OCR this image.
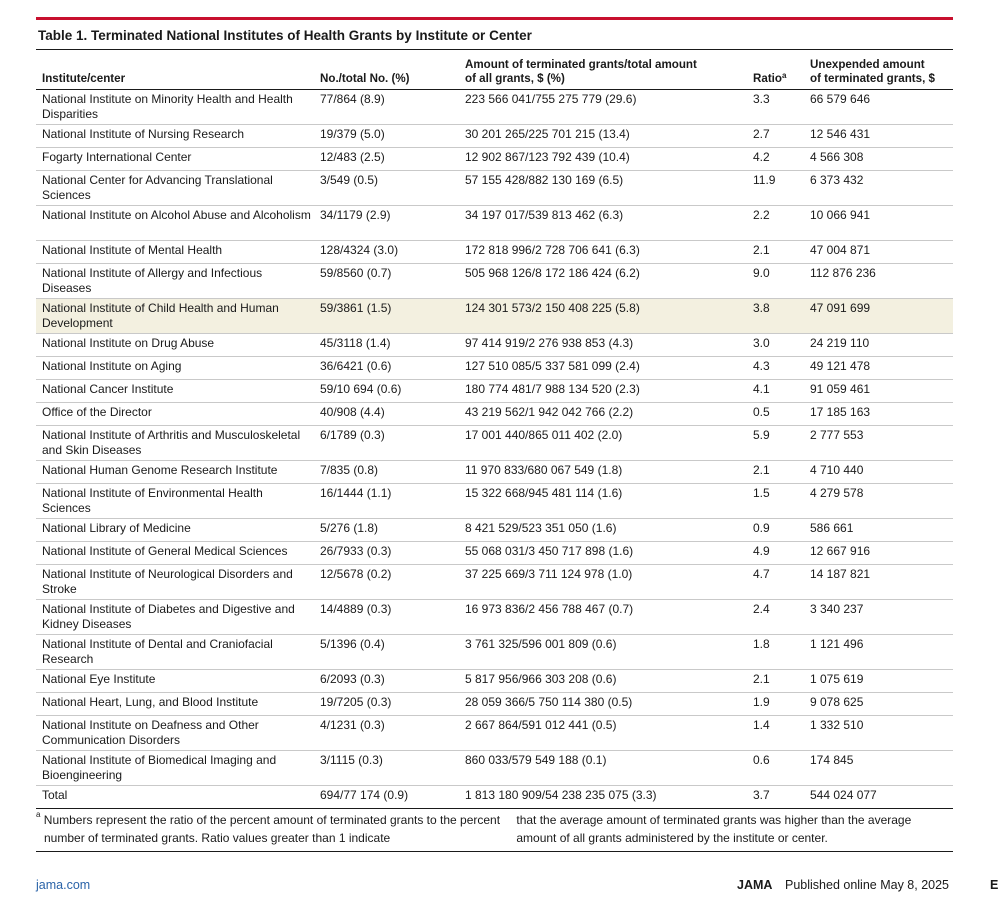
Table 1. Terminated National Institutes of Health Grants by Institute or Center
Institute/center	No./total No. (%)	Amount of terminated grants/total amount
of all grants, $ (%)	Ratio$^a$	Unexpended amount
of terminated grants, $
National Institute on Minority Health and Health Disparities	77/864 (8.9)	223 566 041/755 275 779 (29.6)	3.3	66 579 646
National Institute of Nursing Research	19/379 (5.0)	30 201 265/225 701 215 (13.4)	2.7	12 546 431
Fogarty International Center	12/483 (2.5)	12 902 867/123 792 439 (10.4)	4.2	4 566 308
National Center for Advancing Translational Sciences	3/549 (0.5)	57 155 428/882 130 169 (6.5)	11.9	6 373 432
National Institute on Alcohol Abuse and Alcoholism	34/1179 (2.9)	34 197 017/539 813 462 (6.3)	2.2	10 066 941
National Institute of Mental Health	128/4324 (3.0)	172 818 996/2 728 706 641 (6.3)	2.1	47 004 871
National Institute of Allergy and Infectious Diseases	59/8560 (0.7)	505 968 126/8 172 186 424 (6.2)	9.0	112 876 236
National Institute of Child Health and Human Development	59/3861 (1.5)	124 301 573/2 150 408 225 (5.8)	3.8	47 091 699
National Institute on Drug Abuse	45/3118 (1.4)	97 414 919/2 276 938 853 (4.3)	3.0	24 219 110
National Institute on Aging	36/6421 (0.6)	127 510 085/5 337 581 099 (2.4)	4.3	49 121 478
National Cancer Institute	59/10 694 (0.6)	180 774 481/7 988 134 520 (2.3)	4.1	91 059 461
Office of the Director	40/908 (4.4)	43 219 562/1 942 042 766 (2.2)	0.5	17 185 163
National Institute of Arthritis and Musculoskeletal and Skin Diseases	6/1789 (0.3)	17 001 440/865 011 402 (2.0)	5.9	2 777 553
National Human Genome Research Institute	7/835 (0.8)	11 970 833/680 067 549 (1.8)	2.1	4 710 440
National Institute of Environmental Health Sciences	16/1444 (1.1)	15 322 668/945 481 114 (1.6)	1.5	4 279 578
National Library of Medicine	5/276 (1.8)	8 421 529/523 351 050 (1.6)	0.9	586 661
National Institute of General Medical Sciences	26/7933 (0.3)	55 068 031/3 450 717 898 (1.6)	4.9	12 667 916
National Institute of Neurological Disorders and Stroke	12/5678 (0.2)	37 225 669/3 711 124 978 (1.0)	4.7	14 187 821
National Institute of Diabetes and Digestive and Kidney Diseases	14/4889 (0.3)	16 973 836/2 456 788 467 (0.7)	2.4	3 340 237
National Institute of Dental and Craniofacial Research	5/1396 (0.4)	3 761 325/596 001 809 (0.6)	1.8	1 121 496
National Eye Institute	6/2093 (0.3)	5 817 956/966 303 208 (0.6)	2.1	1 075 619
National Heart, Lung, and Blood Institute	19/7205 (0.3)	28 059 366/5 750 114 380 (0.5)	1.9	9 078 625
National Institute on Deafness and Other Communication Disorders	4/1231 (0.3)	2 667 864/591 012 441 (0.5)	1.4	1 332 510
National Institute of Biomedical Imaging and Bioengineering	3/1115 (0.3)	860 033/579 549 188 (0.1)	0.6	174 845
Total	694/77 174 (0.9)	1 813 180 909/54 238 235 075 (3.3)	3.7	544 024 077
$^a$ Numbers represent the ratio of the percent amount of terminated grants to the percent number of terminated grants. Ratio values greater than 1 indicate
that the average amount of terminated grants was higher than the average amount of all grants administered by the institute or center.
jama.com	JAMA Published online May 8, 2025	E
